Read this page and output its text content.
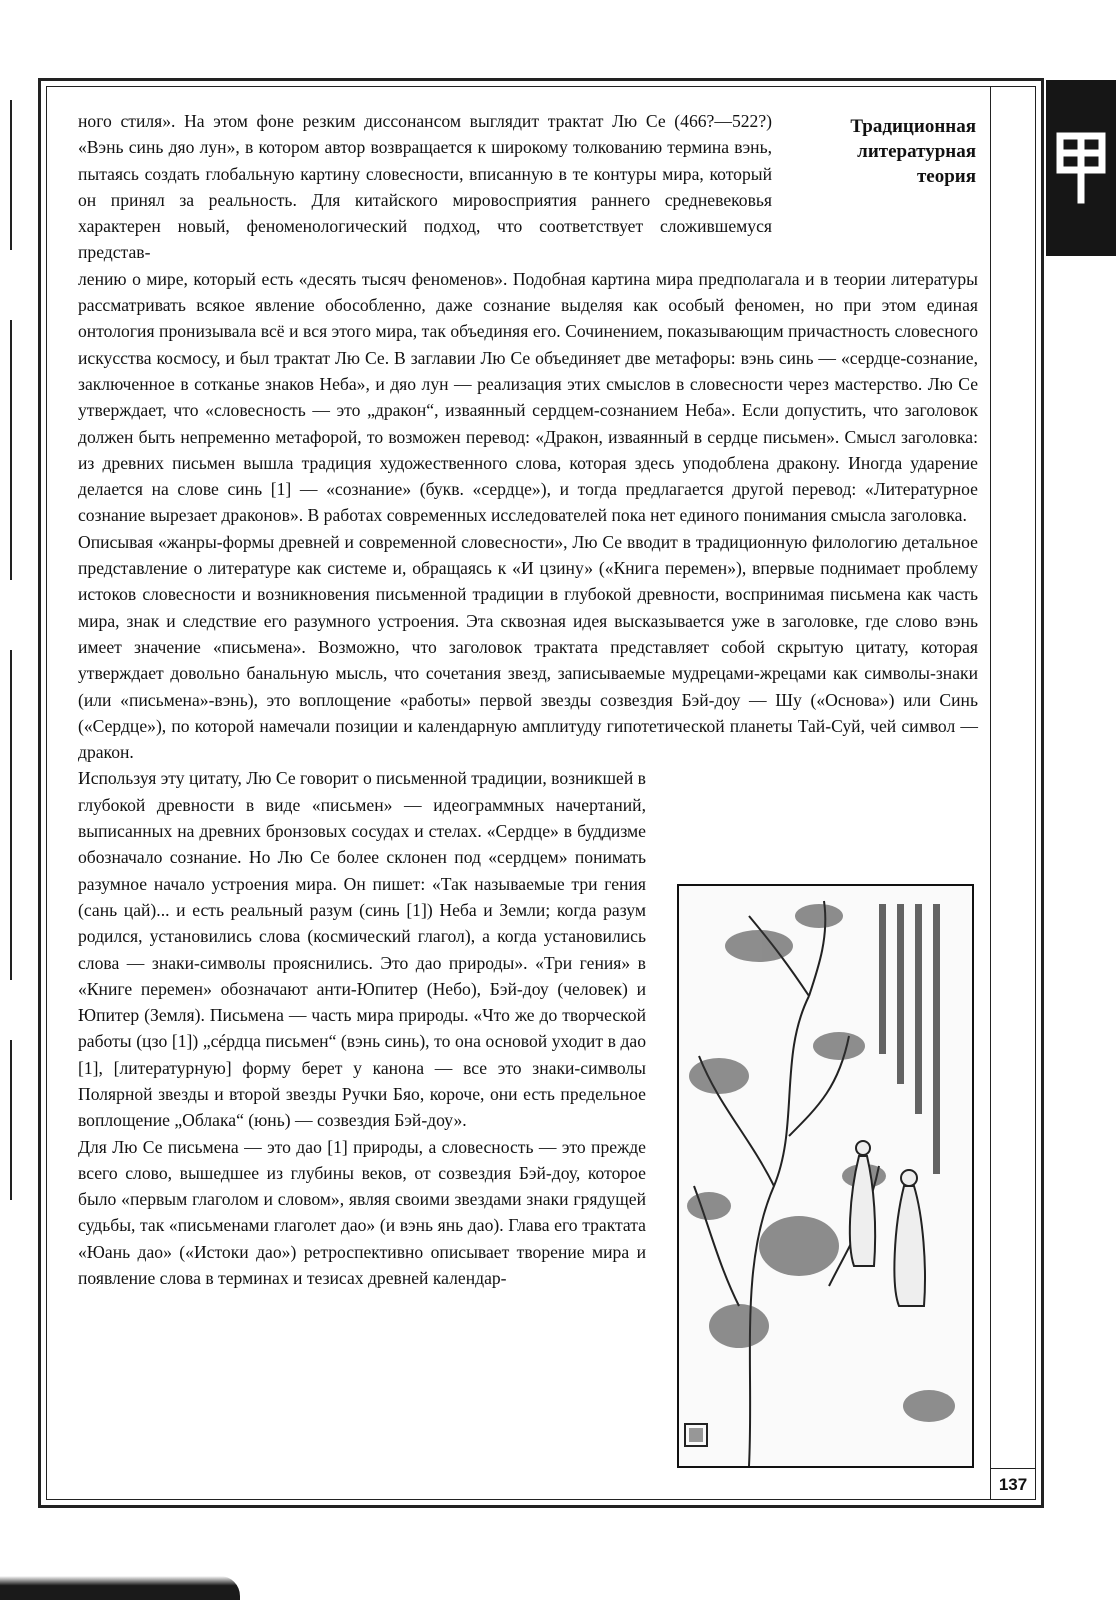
Традиционная
литературная
теория

ного стиля». На этом фоне резким диссонансом выглядит трактат Лю Се (466?—522?) «Вэнь синь дяо лун», в котором автор возвращается к широкому толкованию термина вэнь, пытаясь создать глобальную картину словесности, вписанную в те контуры мира, который он принял за реальность. Для китайского мировосприятия раннего средневековья характерен новый, феноменологический подход, что соответствует сложившемуся представ-

лению о мире, который есть «десять тысяч феноменов». Подобная картина мира предполагала и в теории литературы рассматривать всякое явление обособленно, даже сознание выделяя как особый феномен, но при этом единая онтология пронизывала всё и вся этого мира, так объединяя его. Сочинением, показывающим причастность словесного искусства космосу, и был трактат Лю Се. В заглавии Лю Се объединяет две метафоры: вэнь синь — «сердце-сознание, заключенное в сотканье знаков Неба», и дяо лун — реализация этих смыслов в словесности через мастерство. Лю Се утверждает, что «словесность — это „дракон“, изваянный сердцем-сознанием Неба». Если допустить, что заголовок должен быть непременно метафорой, то возможен перевод: «Дракон, изваянный в сердце письмен». Смысл заголовка: из древних письмен вышла традиция художественного слова, которая здесь уподоблена дракону. Иногда ударение делается на слове синь [1] — «сознание» (букв. «сердце»), и тогда предлагается другой перевод: «Литературное сознание вырезает драконов». В работах современных исследователей пока нет единого понимания смысла заголовка.

Описывая «жанры-формы древней и современной словесности», Лю Се вводит в традиционную филологию детальное представление о литературе как системе и, обращаясь к «И цзину» («Книга перемен»), впервые поднимает проблему истоков словесности и возникновения письменной традиции в глубокой древности, воспринимая письмена как часть мира, знак и следствие его разумного устроения. Эта сквозная идея высказывается уже в заголовке, где слово вэнь имеет значение «письмена». Возможно, что заголовок трактата представляет собой скрытую цитату, которая утверждает довольно банальную мысль, что сочетания звезд, записываемые мудрецами-жрецами как символы-знаки (или «письмена»-вэнь), это воплощение «работы» первой звезды созвездия Бэй-доу — Шу («Основа») или Синь («Сердце»), по которой намечали позиции и календарную амплитуду гипотетической планеты Тай-Суй, чей символ — дракон.

Используя эту цитату, Лю Се говорит о письменной традиции, возникшей в глубокой древности в виде «письмен» — идеограммных начертаний, выписанных на древних бронзовых сосудах и стелах. «Сердце» в буддизме обозначало сознание. Но Лю Се более склонен под «сердцем» понимать разумное начало устроения мира. Он пишет: «Так называемые три гения (сань цай)... и есть реальный разум (синь [1]) Неба и Земли; когда разум родился, установились слова (космический глагол), а когда установились слова — знаки-символы прояснились. Это дао природы». «Три гения» в «Книге перемен» обозначают анти-Юпитер (Небо), Бэй-доу (человек) и Юпитер (Земля). Письмена — часть мира природы. «Что же до творческой работы (цзо [1]) „сéрдца письмен“ (вэнь синь), то она основой уходит в дао [1], [литературную] форму берет у канона — все это знаки-символы Полярной звезды и второй звезды Ручки Бяо, короче, они есть предельное воплощение „Облака“ (юнь) — созвездия Бэй-доу».

Для Лю Се письмена — это дао [1] природы, а словесность — это прежде всего слово, вышедшее из глубины веков, от созвездия Бэй-доу, которое было «первым глаголом и словом», являя своими звездами знаки грядущей судьбы, так «письменами глаголет дао» (и вэнь янь дао). Глава его трактата «Юань дао» («Истоки дао») ретроспективно описывает творение мира и появление слова в терминах и тезисах древней календар-

137
